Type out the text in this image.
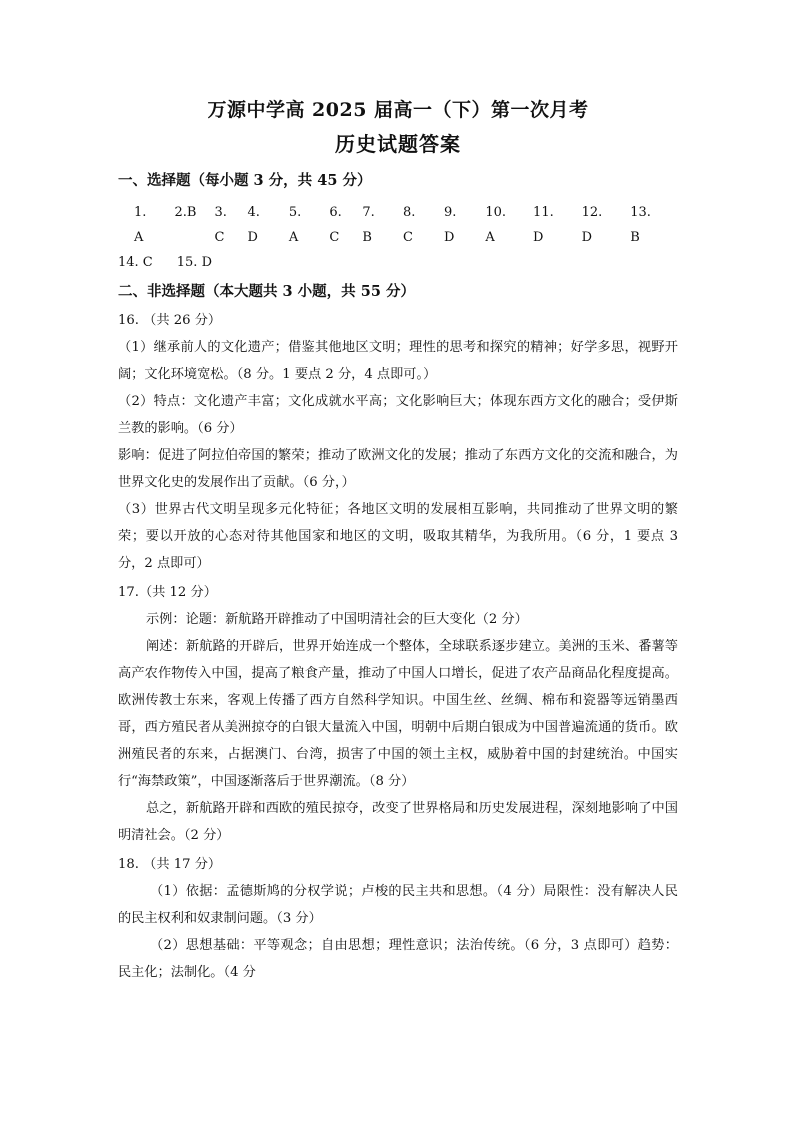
万源中学高 2025 届高一（下）第一次月考
历史试题答案
一、选择题（每小题 3 分，共 45 分）
1. A
2.B 3. C
4. D
5. A
6. C
7. B
8. C
9. D
10. A
11. D
12. D
13. B
14. C 15. D
二、非选择题（本大题共 3 小题，共 55 分）

16. （共 26 分）

（1）继承前人的文化遗产；借鉴其他地区文明；理性的思考和探究的精神；好学多思，视野开阔；文化环境宽松。（8 分。1 要点 2 分，4 点即可。）

（2）特点：文化遗产丰富；文化成就水平高；文化影响巨大；体现东西方文化的融合；受伊斯兰教的影响。（6 分）

影响：促进了阿拉伯帝国的繁荣；推动了欧洲文化的发展；推动了东西方文化的交流和融合，为世界文化史的发展作出了贡献。（6 分，）

（3）世界古代文明呈现多元化特征；各地区文明的发展相互影响，共同推动了世界文明的繁荣；要以开放的心态对待其他国家和地区的文明，吸取其精华，为我所用。（6 分，1 要点 3 分，2 点即可）

17.（共 12 分）

示例：论题：新航路开辟推动了中国明清社会的巨大变化（2 分）

阐述：新航路的开辟后，世界开始连成一个整体，全球联系逐步建立。美洲的玉米、番薯等高产农作物传入中国，提高了粮食产量，推动了中国人口增长，促进了农产品商品化程度提高。欧洲传教士东来，客观上传播了西方自然科学知识。中国生丝、丝绸、棉布和瓷器等远销墨西哥，西方殖民者从美洲掠夺的白银大量流入中国，明朝中后期白银成为中国普遍流通的货币。欧洲殖民者的东来，占据澳门、台湾，损害了中国的领土主权，威胁着中国的封建统治。中国实行“海禁政策”，中国逐渐落后于世界潮流。（8 分）

总之，新航路开辟和西欧的殖民掠夺，改变了世界格局和历史发展进程，深刻地影响了中国明清社会。（2 分）

18. （共 17 分）

（1）依据：孟德斯鸠的分权学说；卢梭的民主共和思想。（4 分）局限性：没有解决人民的民主权利和奴隶制问题。（3 分）

（2）思想基础：平等观念；自由思想；理性意识；法治传统。（6 分，3 点即可）趋势：民主化；法制化。（4 分
